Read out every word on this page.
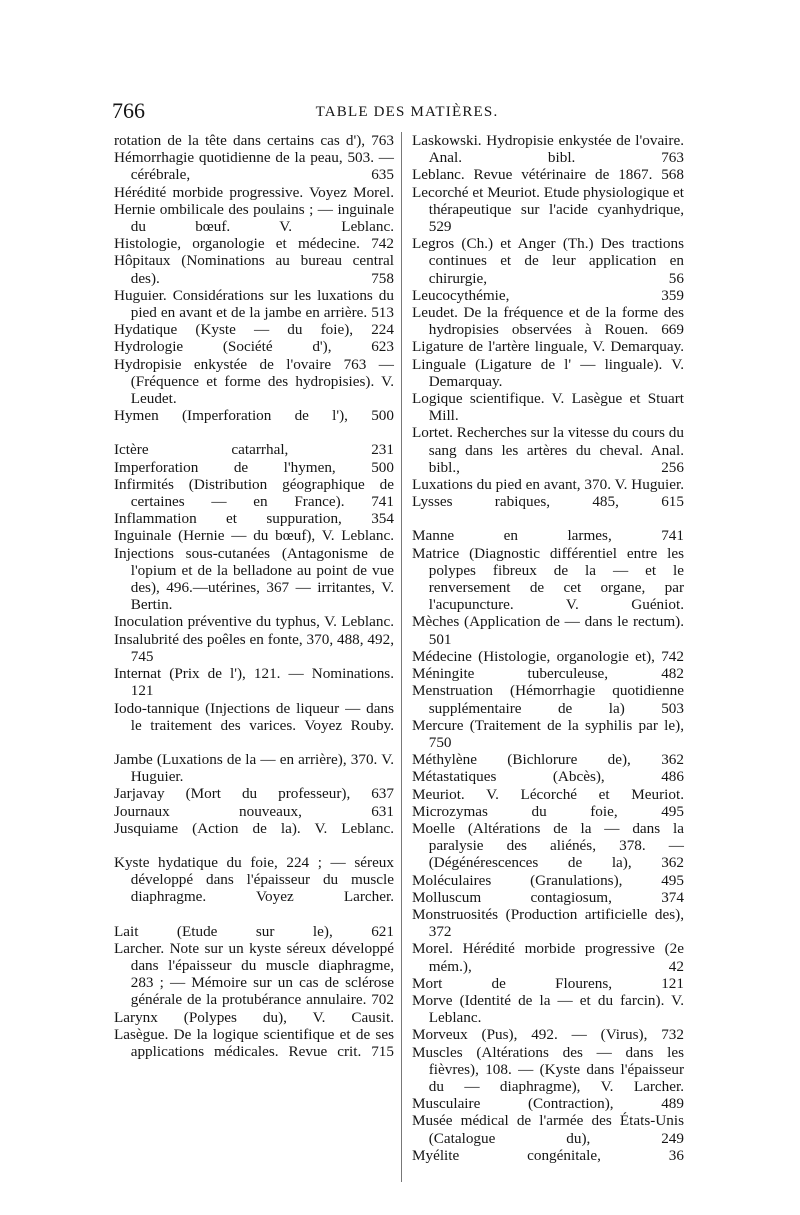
766	TABLE DES MATIÈRES.
rotation de la tête dans certains cas d'), 763
Hémorrhagie quotidienne de la peau, 503. — cérébrale, 635
Hérédité morbide progressive. Voyez Morel.
Hernie ombilicale des poulains ; — inguinale du bœuf. V. Leblanc.
Histologie, organologie et médecine. 742
Hôpitaux (Nominations au bureau central des). 758
Huguier. Considérations sur les luxations du pied en avant et de la jambe en arrière. 513
Hydatique (Kyste — du foie), 224
Hydrologie (Société d'), 623
Hydropisie enkystée de l'ovaire 763 — (Fréquence et forme des hydropisies). V. Leudet.
Hymen (Imperforation de l'), 500
Ictère catarrhal, 231
Imperforation de l'hymen, 500
Infirmités (Distribution géographique de certaines — en France). 741
Inflammation et suppuration, 354
Inguinale (Hernie — du bœuf), V. Leblanc.
Injections sous-cutanées (Antagonisme de l'opium et de la belladone au point de vue des), 496.—utérines, 367 — irritantes, V. Bertin.
Inoculation préventive du typhus, V. Leblanc.
Insalubrité des poêles en fonte, 370, 488, 492, 745
Internat (Prix de l'), 121. — Nominations. 121
Iodo-tannique (Injections de liqueur — dans le traitement des varices. Voyez Rouby.
Jambe (Luxations de la — en arrière), 370. V. Huguier.
Jarjavay (Mort du professeur), 637
Journaux nouveaux, 631
Jusquiame (Action de la). V. Leblanc.
Kyste hydatique du foie, 224 ; — séreux développé dans l'épaisseur du muscle diaphragme. Voyez Larcher.
Lait (Etude sur le), 621
Larcher. Note sur un kyste séreux développé dans l'épaisseur du muscle diaphragme, 283 ; — Mémoire sur un cas de sclérose générale de la protubérance annulaire. 702
Larynx (Polypes du), V. Causit.
Lasègue. De la logique scientifique et de ses applications médicales. Revue crit. 715
Laskowski. Hydropisie enkystée de l'ovaire. Anal. bibl. 763
Leblanc. Revue vétérinaire de 1867. 568
Lecorché et Meuriot. Etude physiologique et thérapeutique sur l'acide cyanhydrique, 529
Legros (Ch.) et Anger (Th.) Des tractions continues et de leur application en chirurgie, 56
Leucocythémie, 359
Leudet. De la fréquence et de la forme des hydropisies observées à Rouen. 669
Ligature de l'artère linguale, V. Demarquay.
Linguale (Ligature de l' — linguale). V. Demarquay.
Logique scientifique. V. Lasègue et Stuart Mill.
Lortet. Recherches sur la vitesse du cours du sang dans les artères du cheval. Anal. bibl., 256
Luxations du pied en avant, 370. V. Huguier.
Lysses rabiques, 485, 615
Manne en larmes, 741
Matrice (Diagnostic différentiel entre les polypes fibreux de la — et le renversement de cet organe, par l'acupuncture. V. Guéniot.
Mèches (Application de — dans le rectum). 501
Médecine (Histologie, organologie et), 742
Méningite tuberculeuse, 482
Menstruation (Hémorrhagie quotidienne supplémentaire de la) 503
Mercure (Traitement de la syphilis par le), 750
Méthylène (Bichlorure de), 362
Métastatiques (Abcès), 486
Meuriot. V. Lécorché et Meuriot.
Microzymas du foie, 495
Moelle (Altérations de la — dans la paralysie des aliénés, 378. — (Dégénérescences de la), 362
Moléculaires (Granulations), 495
Molluscum contagiosum, 374
Monstruosités (Production artificielle des), 372
Morel. Hérédité morbide progressive (2e mém.), 42
Mort de Flourens, 121
Morve (Identité de la — et du farcin). V. Leblanc.
Morveux (Pus), 492. — (Virus), 732
Muscles (Altérations des — dans les fièvres), 108. — (Kyste dans l'épaisseur du — diaphragme), V. Larcher.
Musculaire (Contraction), 489
Musée médical de l'armée des États-Unis (Catalogue du), 249
Myélite congénitale, 36
